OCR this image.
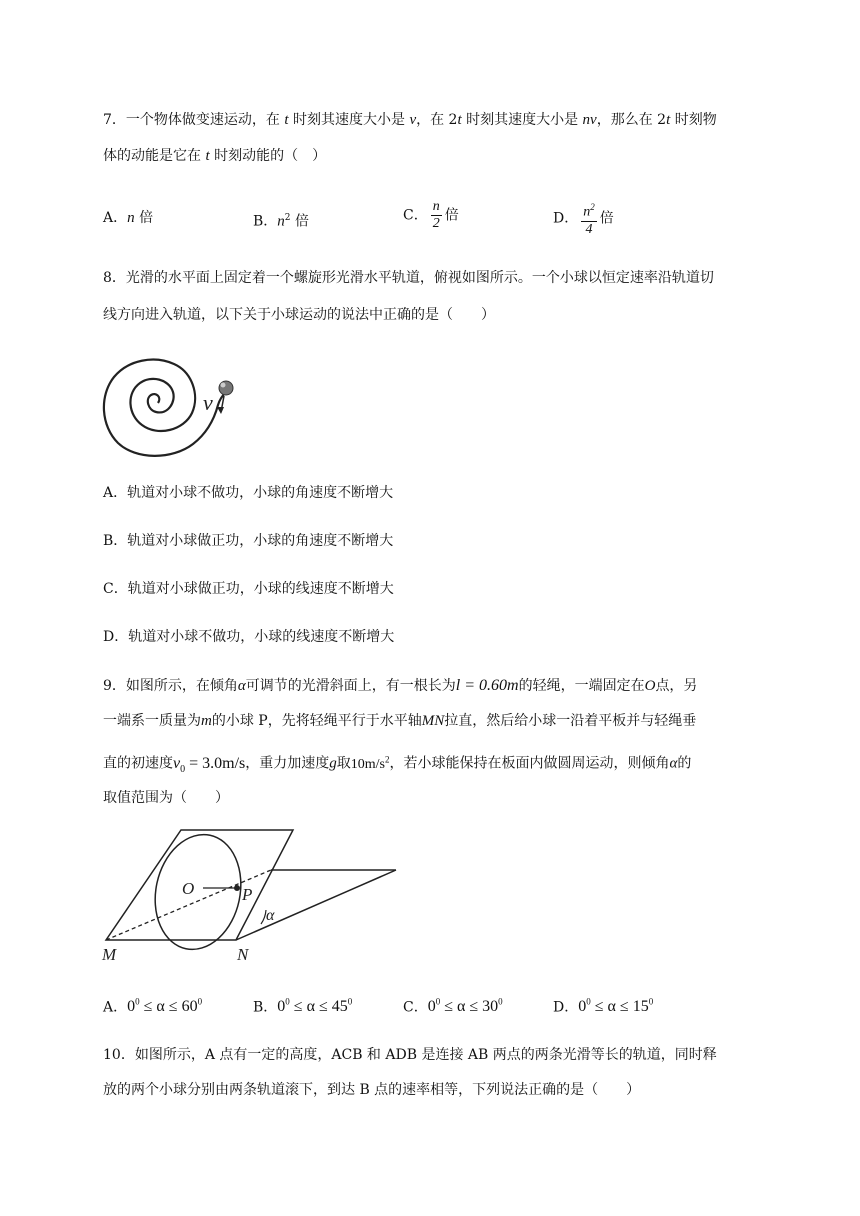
7．一个物体做变速运动，在 t 时刻其速度大小是 v，在 2t 时刻其速度大小是 nv，那么在 2t 时刻物
体的动能是它在 t 时刻动能的（　）
A．n 倍	B．$n^2$ 倍	C． $\frac{n}{2}$ 倍	D． $\frac{n^2}{4}$ 倍
8．光滑的水平面上固定着一个螺旋形光滑水平轨道，俯视如图所示。一个小球以恒定速率沿轨道切
线方向进入轨道，以下关于小球运动的说法中正确的是（　　）
v
A．轨道对小球不做功，小球的角速度不断增大
B．轨道对小球做正功，小球的角速度不断增大
C．轨道对小球做正功，小球的线速度不断增大
D．轨道对小球不做功，小球的线速度不断增大
9．如图所示，在倾角α可调节的光滑斜面上，有一根长为l = 0.60m的轻绳，一端固定在O点，另
一端系一质量为m的小球 P，先将轻绳平行于水平轴MN拉直，然后给小球一沿着平板并与轻绳垂
直的初速度$v_0 = 3.0m/s$，重力加速度g取$10m/s^2$，若小球能保持在板面内做圆周运动，则倾角α的
取值范围为（　　）
O	P
α
M	N
A．$0^0 \le \alpha \le 60^0$	B．$0^0 \le \alpha \le 45^0$	C．$0^0 \le \alpha \le 30^0$	D．$0^0 \le \alpha \le 15^0$
10．如图所示，A 点有一定的高度，ACB 和 ADB 是连接 AB 两点的两条光滑等长的轨道，同时释
放的两个小球分别由两条轨道滚下，到达 B 点的速率相等，下列说法正确的是（　　）
